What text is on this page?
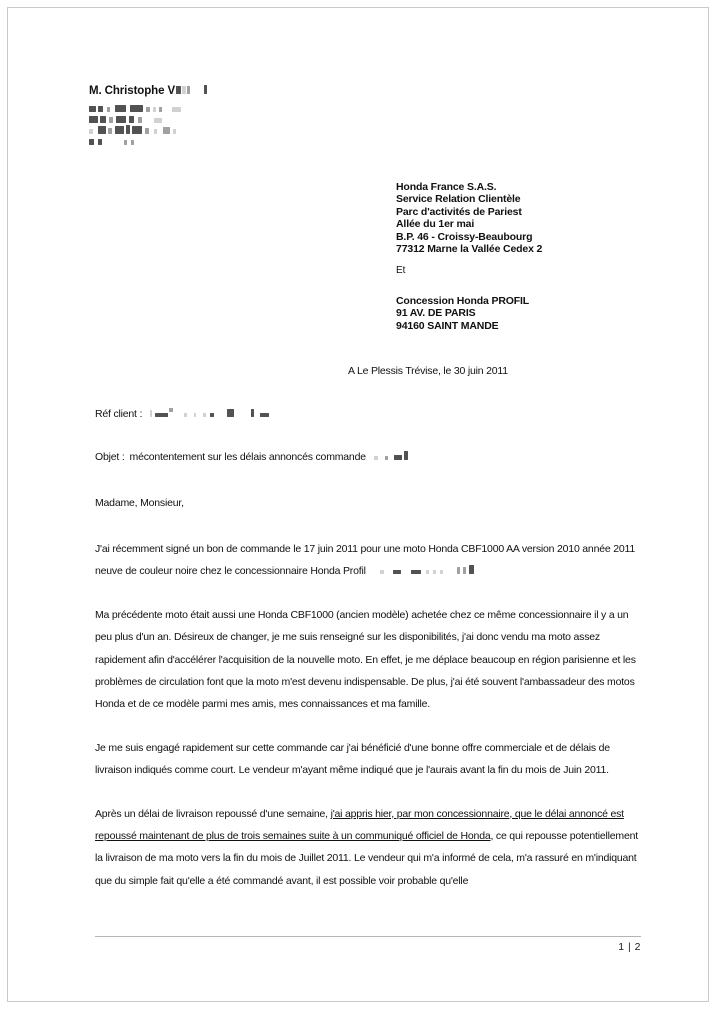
M. Christophe V
Honda France S.A.S.
Service Relation Clientèle
Parc d'activités de Pariest
Allée du 1er mai
B.P. 46 - Croissy-Beaubourg
77312 Marne la Vallée Cedex 2
Et
Concession Honda PROFIL
91 AV. DE PARIS
94160 SAINT MANDE
A Le Plessis Trévise, le 30 juin 2011
Réf client :
Objet : mécontentement sur les délais annoncés commande
Madame, Monsieur,

J'ai récemment signé un bon de commande le 17 juin 2011 pour une moto Honda CBF1000 AA version 2010 année 2011 neuve de couleur noire chez le concessionnaire Honda Profil

Ma précédente moto était aussi une Honda CBF1000 (ancien modèle) achetée chez ce même concessionnaire il y a un peu plus d'un an. Désireux de changer, je me suis renseigné sur les disponibilités, j'ai donc vendu ma moto assez rapidement afin d'accélérer l'acquisition de la nouvelle moto. En effet, je me déplace beaucoup en région parisienne et les problèmes de circulation font que la moto m'est devenu indispensable. De plus, j'ai été souvent l'ambassadeur des motos Honda et de ce modèle parmi mes amis, mes connaissances et ma famille.

Je me suis engagé rapidement sur cette commande car j'ai bénéficié d'une bonne offre commerciale et de délais de livraison indiqués comme court. Le vendeur m'ayant même indiqué que je l'aurais avant la fin du mois de Juin 2011.

Après un délai de livraison repoussé d'une semaine, j'ai appris hier, par mon concessionnaire, que le délai annoncé est repoussé maintenant de plus de trois semaines suite à un communiqué officiel de Honda, ce qui repousse potentiellement la livraison de ma moto vers la fin du mois de Juillet 2011. Le vendeur qui m'a informé de cela, m'a rassuré en m'indiquant que du simple fait qu'elle a été commandé avant, il est possible voir probable qu'elle

1 | 2
